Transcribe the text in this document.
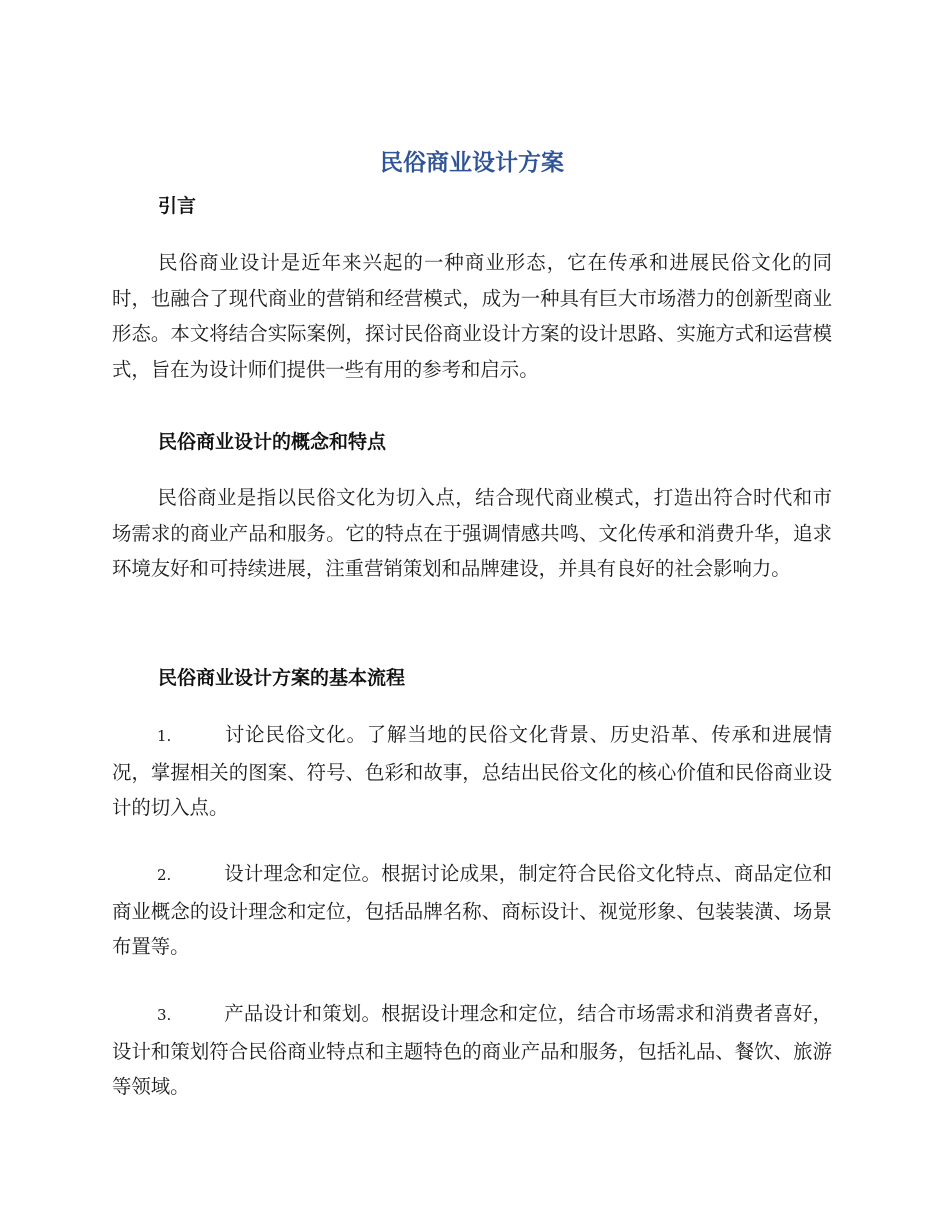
民俗商业设计方案
引言

民俗商业设计是近年来兴起的一种商业形态，它在传承和进展民俗文化的同时，也融合了现代商业的营销和经营模式，成为一种具有巨大市场潜力的创新型商业形态。本文将结合实际案例，探讨民俗商业设计方案的设计思路、实施方式和运营模式，旨在为设计师们提供一些有用的参考和启示。

民俗商业设计的概念和特点

民俗商业是指以民俗文化为切入点，结合现代商业模式，打造出符合时代和市场需求的商业产品和服务。它的特点在于强调情感共鸣、文化传承和消费升华，追求环境友好和可持续进展，注重营销策划和品牌建设，并具有良好的社会影响力。

民俗商业设计方案的基本流程

1.	讨论民俗文化。了解当地的民俗文化背景、历史沿革、传承和进展情况，掌握相关的图案、符号、色彩和故事，总结出民俗文化的核心价值和民俗商业设计的切入点。

2.	设计理念和定位。根据讨论成果，制定符合民俗文化特点、商品定位和商业概念的设计理念和定位，包括品牌名称、商标设计、视觉形象、包装装潢、场景布置等。

3.	产品设计和策划。根据设计理念和定位，结合市场需求和消费者喜好，设计和策划符合民俗商业特点和主题特色的商业产品和服务，包括礼品、餐饮、旅游等领域。
